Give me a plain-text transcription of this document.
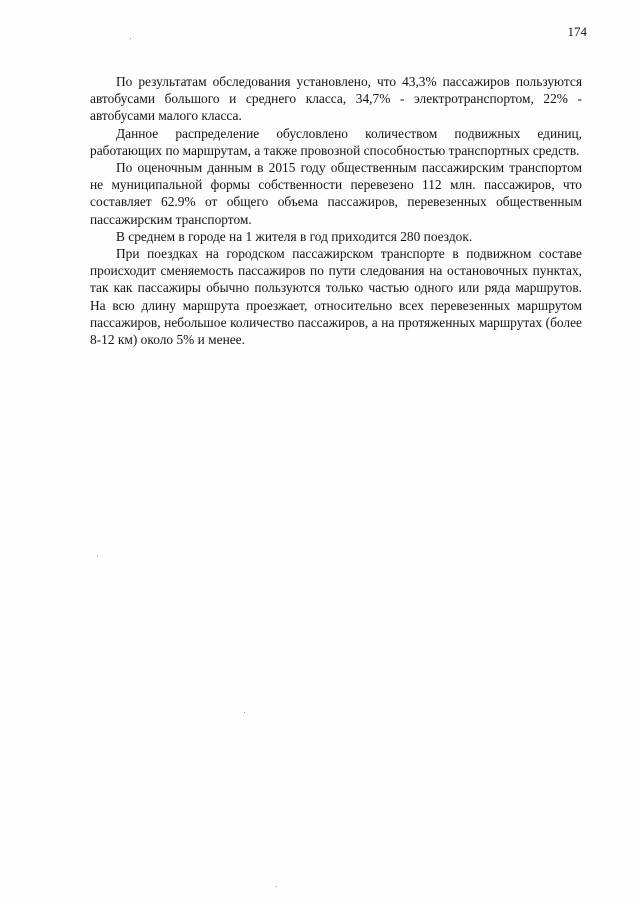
174

По результатам обследования установлено, что 43,3% пассажиров пользуются автобусами большого и среднего класса, 34,7% - электротранспортом, 22% - автобусами малого класса.

Данное распределение обусловлено количеством подвижных единиц, работающих по маршрутам, а также провозной способностью транспортных средств.

По оценочным данным в 2015 году общественным пассажирским транспортом не муниципальной формы собственности перевезено 112 млн. пассажиров, что составляет 62.9% от общего объема пассажиров, перевезенных общественным пассажирским транспортом.

В среднем в городе на 1 жителя в год приходится 280 поездок.

При поездках на городском пассажирском транспорте в подвижном составе происходит сменяемость пассажиров по пути следования на остановочных пунктах, так как пассажиры обычно пользуются только частью одного или ряда маршрутов. На всю длину маршрута проезжает, относительно всех перевезенных маршрутом пассажиров, небольшое количество пассажиров, а на протяженных маршрутах (более 8-12 км) около 5% и менее.
